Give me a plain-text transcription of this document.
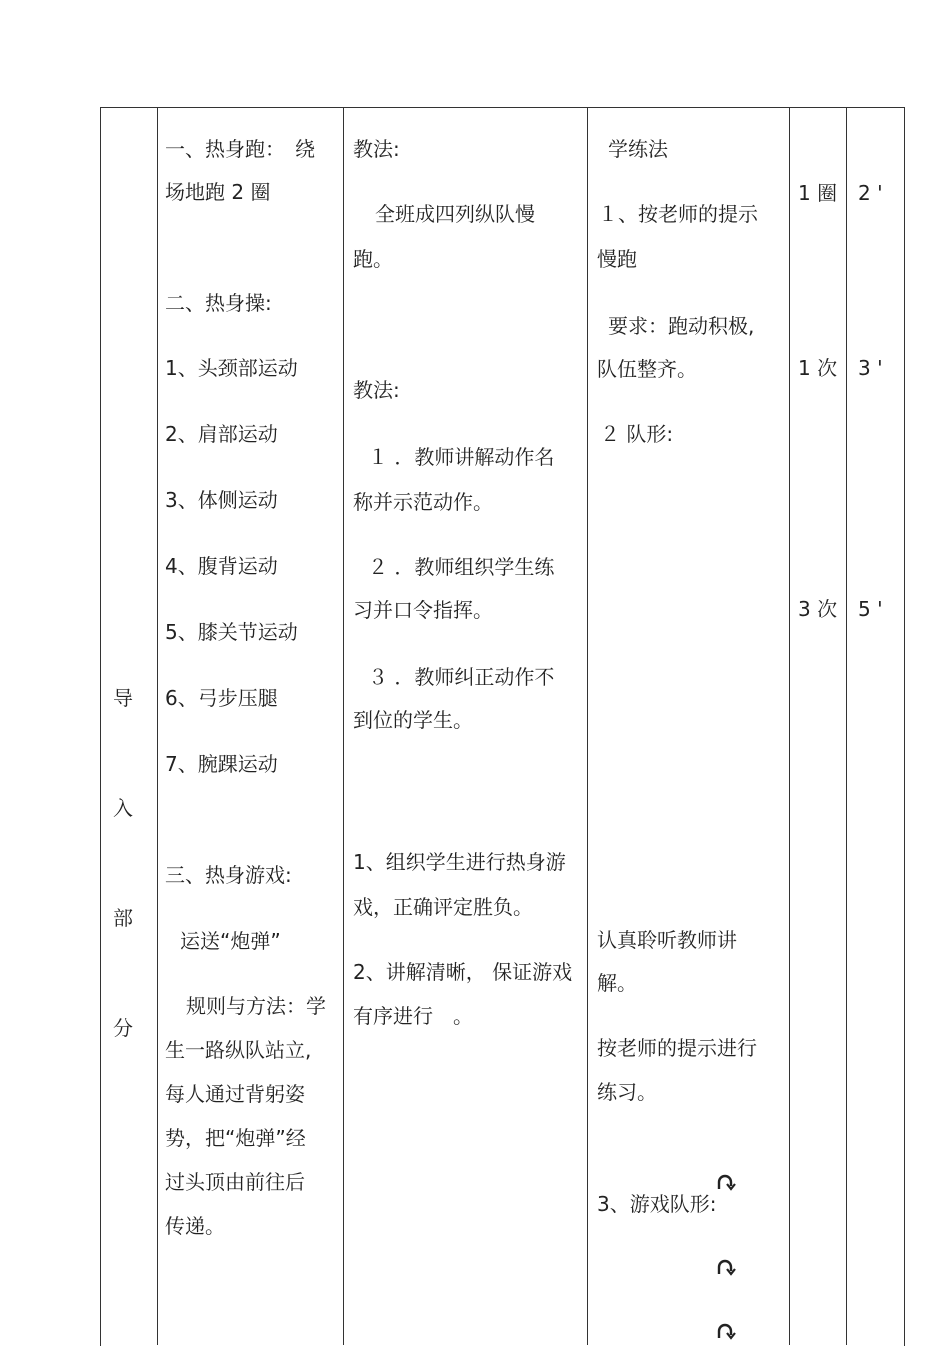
导
入
部
分
一、热身跑：　绕
场地跑 2 圈
二、热身操:
1、头颈部运动
2、肩部运动
3、体侧运动
4、腹背运动
5、膝关节运动
6、弓步压腿
7、腕踝运动
三、热身游戏:
运送“炮弹”
规则与方法：学
生一路纵队站立,
每人通过背躬姿
势，把“炮弹”经
过头顶由前往后
传递。
教法:
全班成四列纵队慢
跑。
教法:
１ ．教师讲解动作名
称并示范动作。
２ ．教师组织学生练
习并口令指挥。
３ ．教师纠正动作不
到位的学生。
1、组织学生进行热身游
戏，正确评定胜负。
2、讲解清晰， 保证游戏
有序进行　。
学练法
１、按老师的提示
慢跑
要求：跑动积极,
队伍整齐。
２ 队形:
认真聆听教师讲
解。
按老师的提示进行
练习。
3、游戏队形:
1 圈
1 次
3 次
2 '
3 '
5 '
